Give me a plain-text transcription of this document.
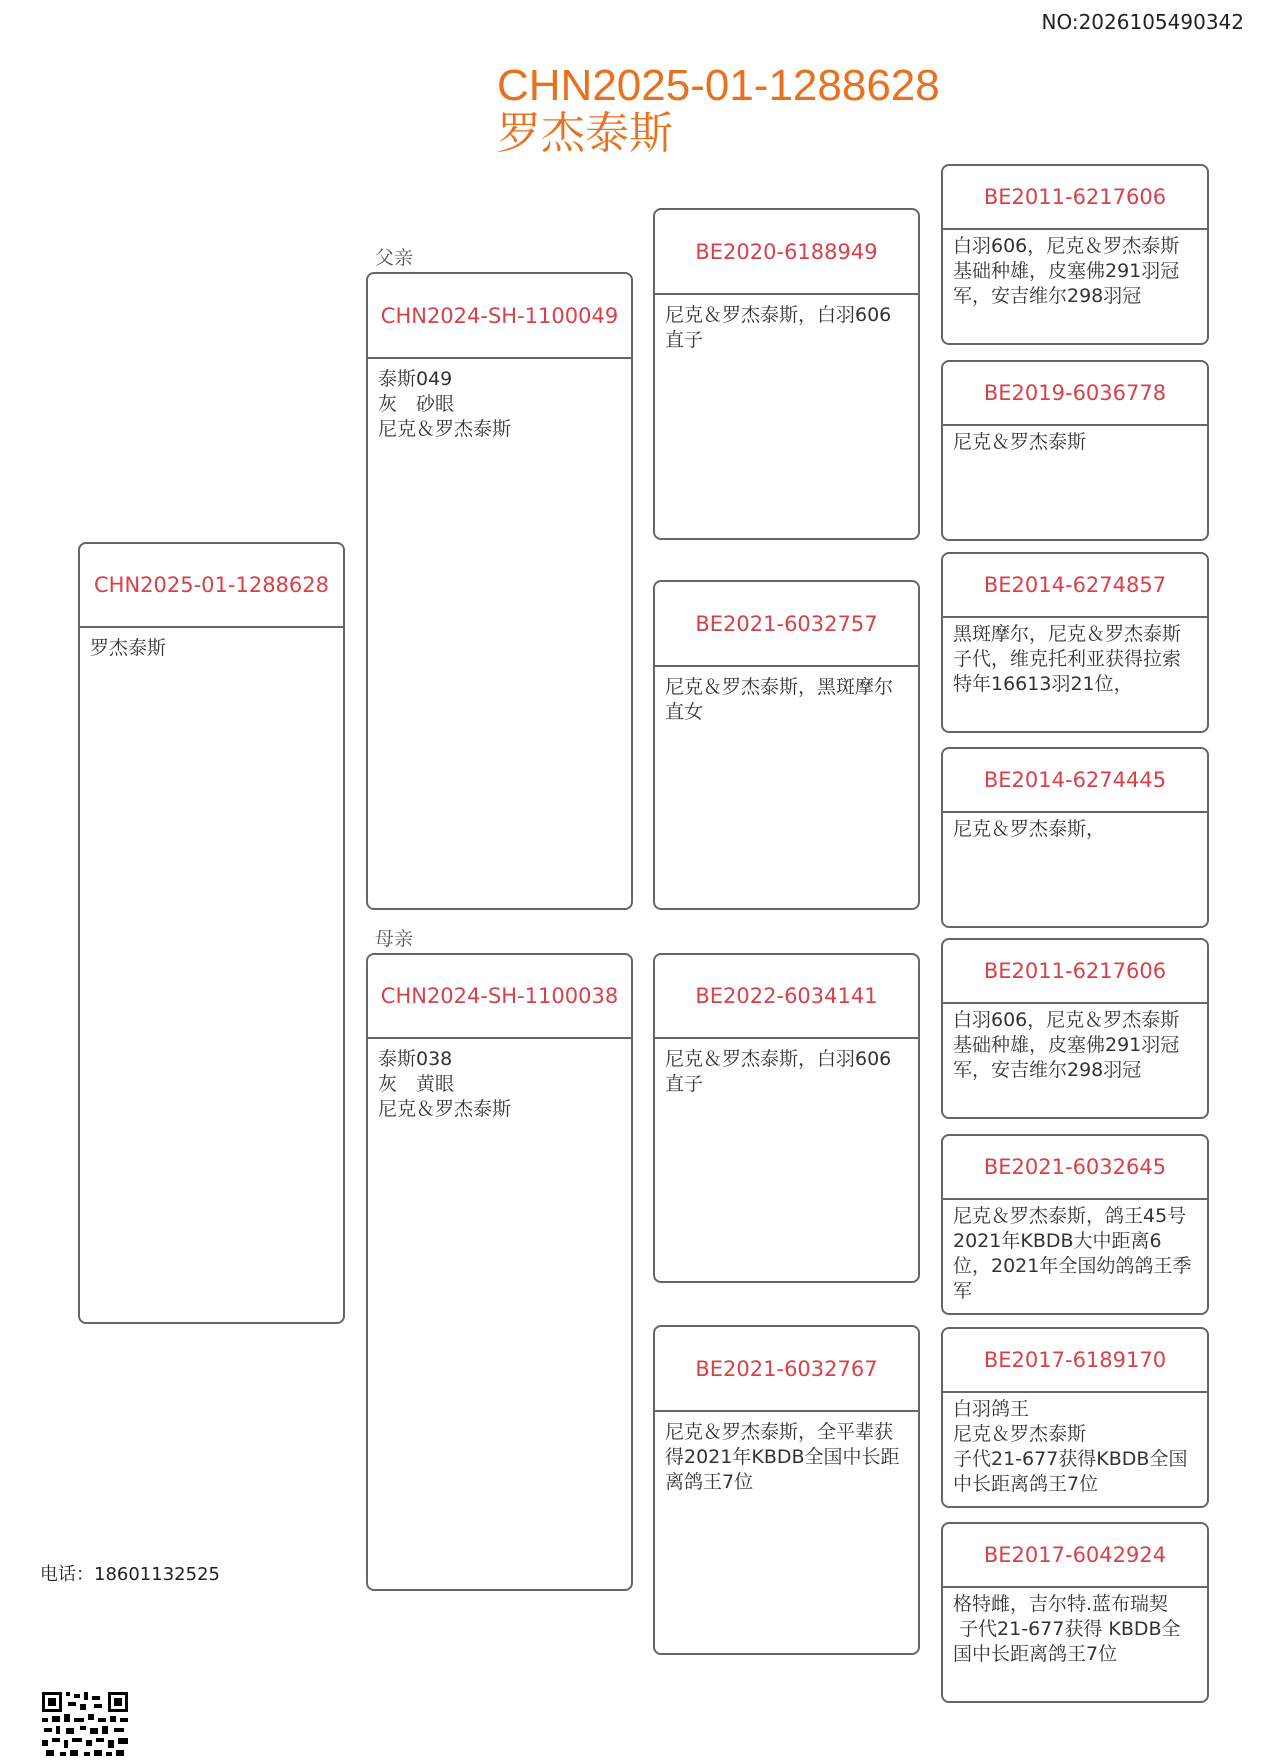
NO:2026105490342
CHN2025-01-1288628
罗杰泰斯
父亲
母亲
CHN2025-01-1288628
罗杰泰斯
CHN2024-SH-1100049
泰斯049
灰　砂眼
尼克＆罗杰泰斯
CHN2024-SH-1100038
泰斯038
灰　黄眼
尼克＆罗杰泰斯
BE2020-6188949
尼克＆罗杰泰斯，白羽606直子
BE2021-6032757
尼克＆罗杰泰斯，黑斑摩尔直女
BE2022-6034141
尼克＆罗杰泰斯，白羽606直子
BE2021-6032767
尼克＆罗杰泰斯，全平辈获得2021年KBDB全国中长距离鸽王7位
BE2011-6217606
白羽606，尼克＆罗杰泰斯
基础种雄，皮塞佛291羽冠军，安吉维尔298羽冠
BE2019-6036778
尼克＆罗杰泰斯
BE2014-6274857
黑斑摩尔，尼克＆罗杰泰斯
子代，维克托利亚获得拉索特年16613羽21位，
BE2014-6274445
尼克＆罗杰泰斯，
BE2011-6217606
白羽606，尼克＆罗杰泰斯
基础种雄，皮塞佛291羽冠军，安吉维尔298羽冠
BE2021-6032645
尼克＆罗杰泰斯，鸽王45号 2021年KBDB大中距离6位，2021年全国幼鸽鸽王季军
BE2017-6189170
白羽鸽王
尼克＆罗杰泰斯
子代21-677获得KBDB全国中长距离鸽王7位
BE2017-6042924
格特雌，吉尔特.蓝布瑞契
子代21-677获得 KBDB全国中长距离鸽王7位
电话：18601132525
